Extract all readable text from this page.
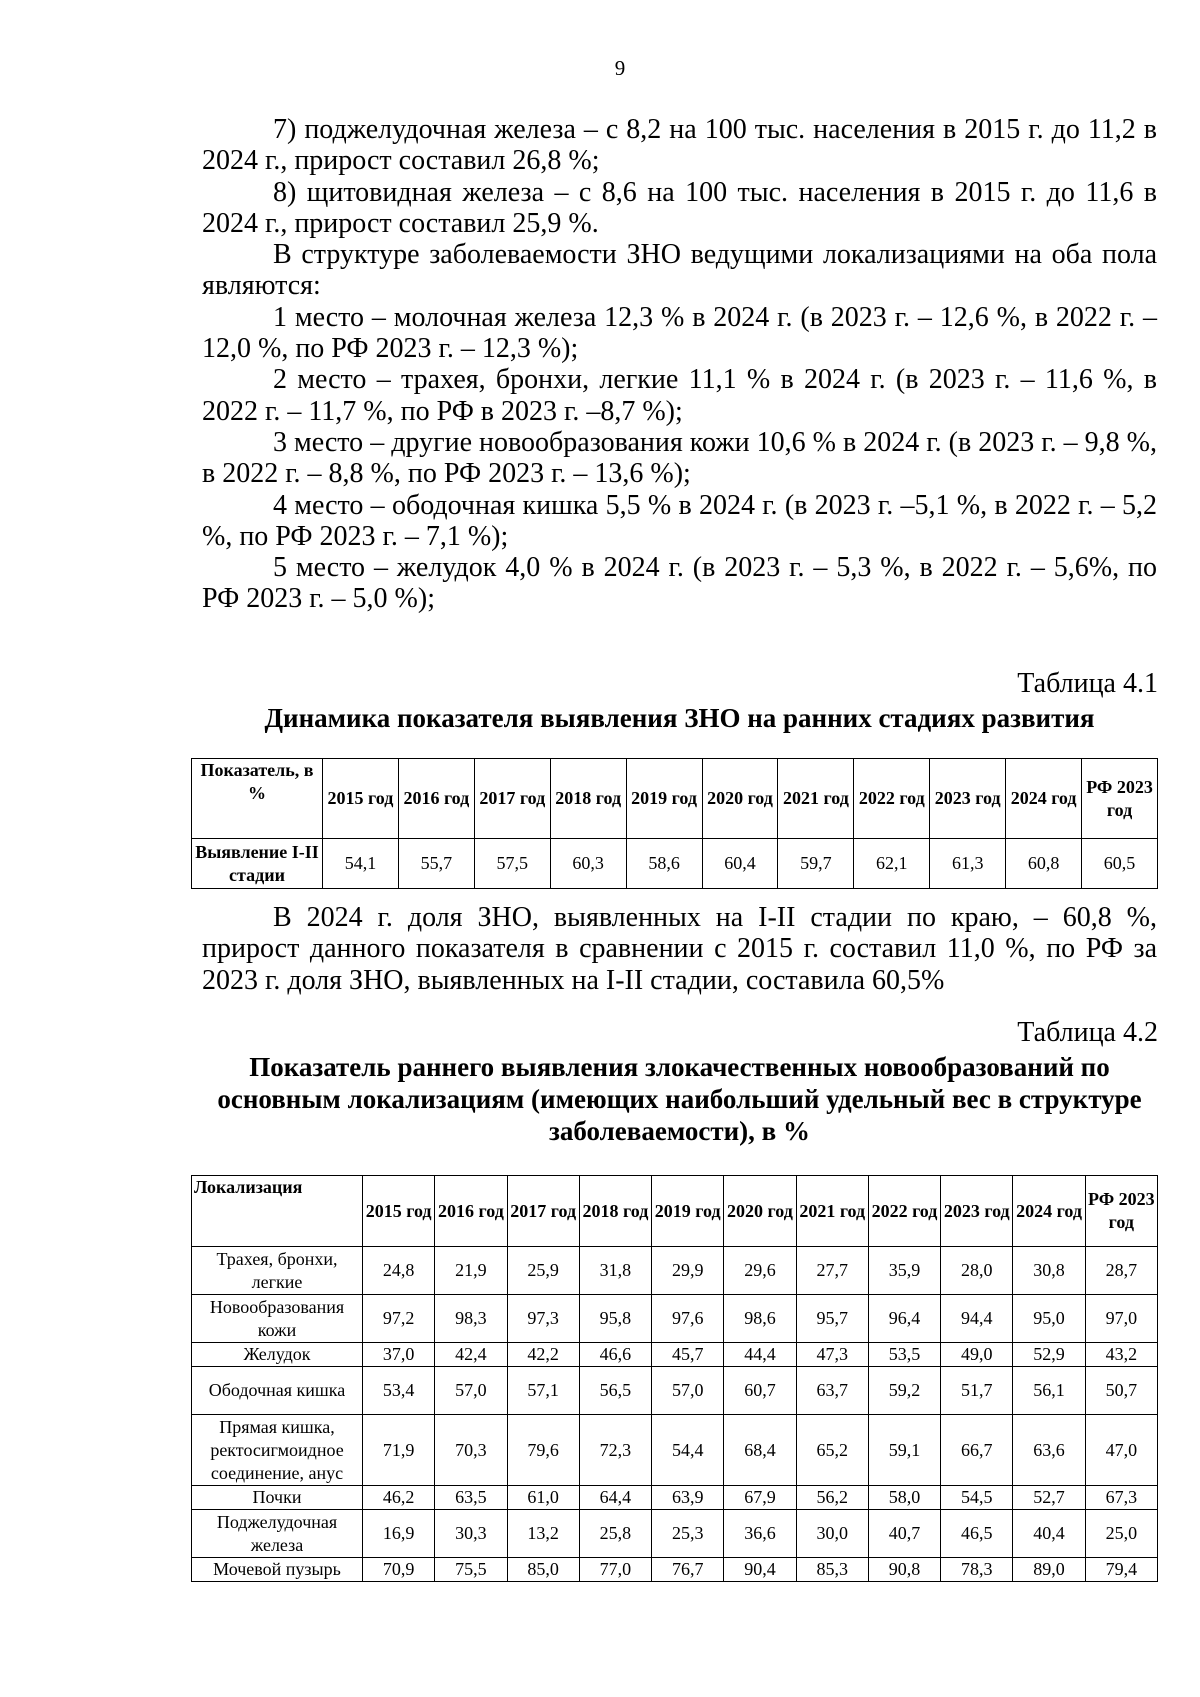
9

7) поджелудочная железа – с 8,2 на 100 тыс. населения в 2015 г. до 11,2 в 2024 г., прирост составил 26,8 %;

8) щитовидная железа – с 8,6 на 100 тыс. населения в 2015 г. до 11,6 в 2024 г., прирост составил 25,9 %.

В структуре заболеваемости ЗНО ведущими локализациями на оба пола являются:

1 место – молочная железа 12,3 % в 2024 г. (в 2023 г. – 12,6 %, в 2022 г. – 12,0 %, по РФ 2023 г. – 12,3 %);

2 место – трахея, бронхи, легкие 11,1 % в 2024 г. (в 2023 г. – 11,6 %, в 2022 г. – 11,7 %, по РФ в 2023 г. –8,7 %);

3 место – другие новообразования кожи 10,6 % в 2024 г. (в 2023 г. – 9,8 %, в 2022 г. – 8,8 %, по РФ 2023 г. – 13,6 %);

4 место – ободочная кишка 5,5 % в 2024 г. (в 2023 г. –5,1 %, в 2022 г. – 5,2 %, по РФ 2023 г. – 7,1 %);

5 место – желудок 4,0 % в 2024 г. (в 2023 г. – 5,3 %, в 2022 г. – 5,6%, по РФ 2023 г. – 5,0 %);

Таблица 4.1
Динамика показателя выявления ЗНО на ранних стадиях развития
Показатель, в %	2015 год	2016 год	2017 год	2018 год	2019 год	2020 год	2021 год	2022 год	2023 год	2024 год	РФ 2023 год
Выявление I-II стадии	54,1	55,7	57,5	60,3	58,6	60,4	59,7	62,1	61,3	60,8	60,5

В 2024 г. доля ЗНО, выявленных на I-II стадии по краю, – 60,8 %, прирост данного показателя в сравнении с 2015 г. составил 11,0 %, по РФ за 2023 г. доля ЗНО, выявленных на I-II стадии, составила 60,5%

Таблица 4.2
Показатель раннего выявления злокачественных новообразований по основным локализациям (имеющих наибольший удельный вес в структуре заболеваемости), в %
Локализация	2015 год	2016 год	2017 год	2018 год	2019 год	2020 год	2021 год	2022 год	2023 год	2024 год	РФ 2023 год
Трахея, бронхи, легкие	24,8	21,9	25,9	31,8	29,9	29,6	27,7	35,9	28,0	30,8	28,7
Новообразования кожи	97,2	98,3	97,3	95,8	97,6	98,6	95,7	96,4	94,4	95,0	97,0
Желудок	37,0	42,4	42,2	46,6	45,7	44,4	47,3	53,5	49,0	52,9	43,2
Ободочная кишка	53,4	57,0	57,1	56,5	57,0	60,7	63,7	59,2	51,7	56,1	50,7
Прямая кишка, ректосигмоидное соединение, анус	71,9	70,3	79,6	72,3	54,4	68,4	65,2	59,1	66,7	63,6	47,0
Почки	46,2	63,5	61,0	64,4	63,9	67,9	56,2	58,0	54,5	52,7	67,3
Поджелудочная железа	16,9	30,3	13,2	25,8	25,3	36,6	30,0	40,7	46,5	40,4	25,0
Мочевой пузырь	70,9	75,5	85,0	77,0	76,7	90,4	85,3	90,8	78,3	89,0	79,4
